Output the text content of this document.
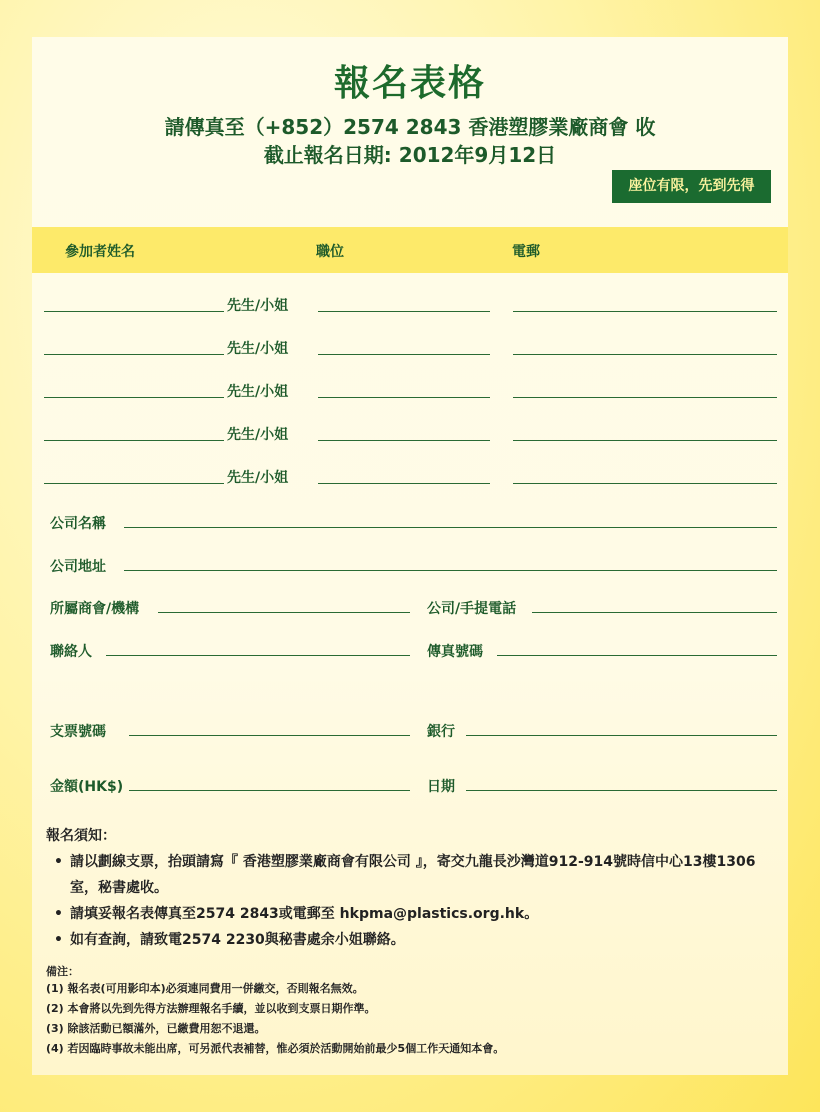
報名表格
請傳真至（+852）2574 2843 香港塑膠業廠商會 收
截止報名日期: 2012年9月12日
座位有限，先到先得
參加者姓名	職位	電郵
先生/小姐
先生/小姐
先生/小姐
先生/小姐
先生/小姐
公司名稱
公司地址
所屬商會/機構	公司/手提電話
聯絡人	傳真號碼
支票號碼	銀行
金額(HK$)	日期
報名須知：
• 請以劃線支票，抬頭請寫『 香港塑膠業廠商會有限公司 』，寄交九龍長沙灣道912-914號時信中心13樓1306室，秘書處收。
• 請填妥報名表傳真至2574 2843或電郵至 hkpma@plastics.org.hk。
• 如有查詢，請致電2574 2230與秘書處余小姐聯絡。
備注：
(1) 報名表(可用影印本)必須連同費用一併繳交，否則報名無效。
(2) 本會將以先到先得方法辦理報名手續，並以收到支票日期作準。
(3) 除該活動已額滿外，已繳費用恕不退還。
(4) 若因臨時事故未能出席，可另派代表補替，惟必須於活動開始前最少5個工作天通知本會。
